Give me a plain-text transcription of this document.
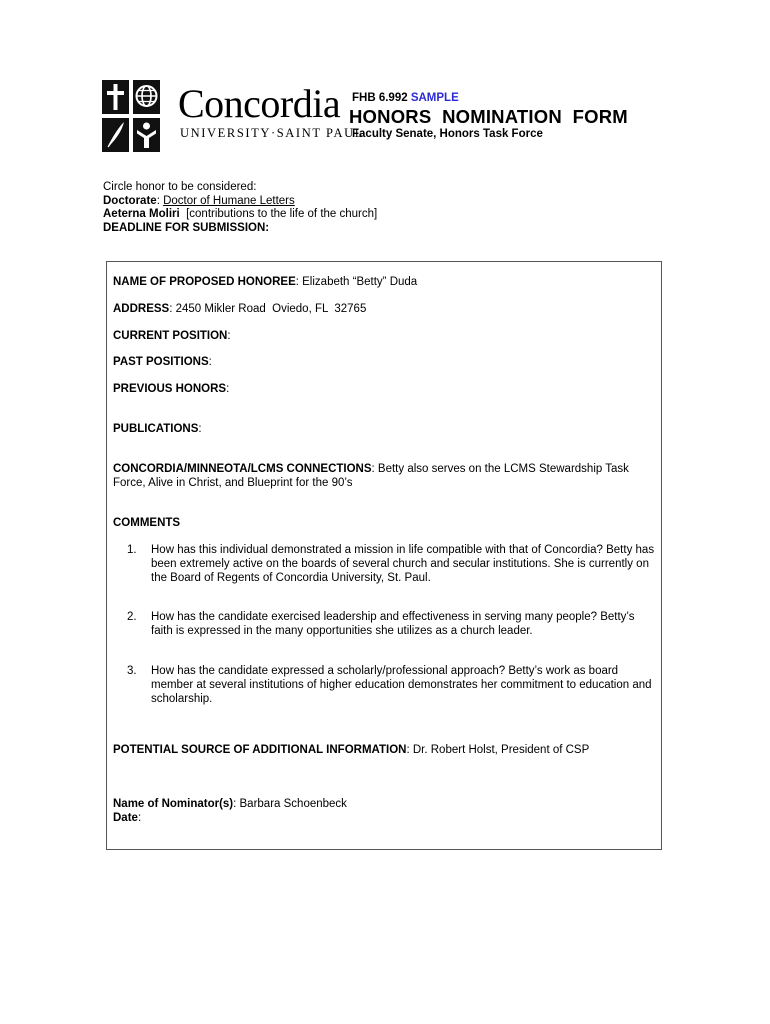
Concordia
UNIVERSITY·SAINT PAUL
FHB 6.992 SAMPLE
HONORS  NOMINATION  FORM
Faculty Senate, Honors Task Force
Circle honor to be considered:
Doctorate: Doctor of Humane Letters
Aeterna Moliri  [contributions to the life of the church]
DEADLINE FOR SUBMISSION:
NAME OF PROPOSED HONOREE: Elizabeth “Betty” Duda
ADDRESS: 2450 Mikler Road  Oviedo, FL  32765
CURRENT POSITION:
PAST POSITIONS:
PREVIOUS HONORS:
PUBLICATIONS:
CONCORDIA/MINNEOTA/LCMS CONNECTIONS: Betty also serves on the LCMS Stewardship Task Force, Alive in Christ, and Blueprint for the 90’s
COMMENTS
1.	How has this individual demonstrated a mission in life compatible with that of Concordia? Betty has been extremely active on the boards of several church and secular institutions. She is currently on the Board of Regents of Concordia University, St. Paul.
2.	How has the candidate exercised leadership and effectiveness in serving many people? Betty’s faith is expressed in the many opportunities she utilizes as a church leader.
3.	How has the candidate expressed a scholarly/professional approach? Betty’s work as board member at several institutions of higher education demonstrates her commitment to education and scholarship.
POTENTIAL SOURCE OF ADDITIONAL INFORMATION: Dr. Robert Holst, President of CSP
Name of Nominator(s): Barbara Schoenbeck
Date:
